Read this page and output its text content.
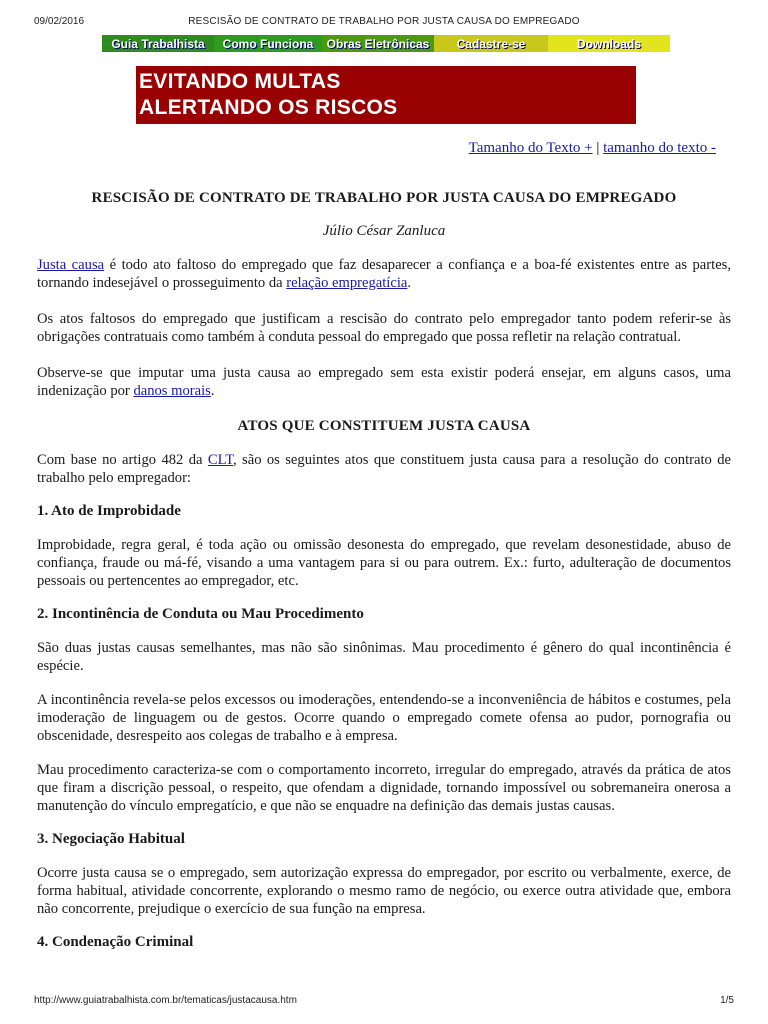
09/02/2016	RESCISÃO DE CONTRATO DE TRABALHO POR JUSTA CAUSA DO EMPREGADO
Guia Trabalhista	Como Funciona	Obras Eletrônicas	Cadastre-se	Downloads
EVITANDO MULTAS
ALERTANDO OS RISCOS
Tamanho do Texto + | tamanho do texto -
RESCISÃO DE CONTRATO DE TRABALHO POR JUSTA CAUSA DO EMPREGADO

Júlio César Zanluca

Justa causa é todo ato faltoso do empregado que faz desaparecer a confiança e a boa-fé existentes entre as partes, tornando indesejável o prosseguimento da relação empregatícia.

Os atos faltosos do empregado que justificam a rescisão do contrato pelo empregador tanto podem referir-se às obrigações contratuais como também à conduta pessoal do empregado que possa refletir na relação contratual.

Observe-se que imputar uma justa causa ao empregado sem esta existir poderá ensejar, em alguns casos, uma indenização por danos morais.

ATOS QUE CONSTITUEM JUSTA CAUSA

Com base no artigo 482 da CLT, são os seguintes atos que constituem justa causa para a resolução do contrato de trabalho pelo empregador:

1. Ato de Improbidade

Improbidade, regra geral, é toda ação ou omissão desonesta do empregado, que revelam desonestidade, abuso de confiança, fraude ou má-fé, visando a uma vantagem para si ou para outrem. Ex.: furto, adulteração de documentos pessoais ou pertencentes ao empregador, etc.

2. Incontinência de Conduta ou Mau Procedimento

São duas justas causas semelhantes, mas não são sinônimas. Mau procedimento é gênero do qual incontinência é espécie.

A incontinência revela-se pelos excessos ou imoderações, entendendo-se a inconveniência de hábitos e costumes, pela imoderação de linguagem ou de gestos. Ocorre quando o empregado comete ofensa ao pudor, pornografia ou obscenidade, desrespeito aos colegas de trabalho e à empresa.

Mau procedimento caracteriza-se com o comportamento incorreto, irregular do empregado, através da prática de atos que firam a discrição pessoal, o respeito, que ofendam a dignidade, tornando impossível ou sobremaneira onerosa a manutenção do vínculo empregatício, e que não se enquadre na definição das demais justas causas.

3. Negociação Habitual

Ocorre justa causa se o empregado, sem autorização expressa do empregador, por escrito ou verbalmente, exerce, de forma habitual, atividade concorrente, explorando o mesmo ramo de negócio, ou exerce outra atividade que, embora não concorrente, prejudique o exercício de sua função na empresa.

4. Condenação Criminal
http://www.guiatrabalhista.com.br/tematicas/justacausa.htm	1/5
